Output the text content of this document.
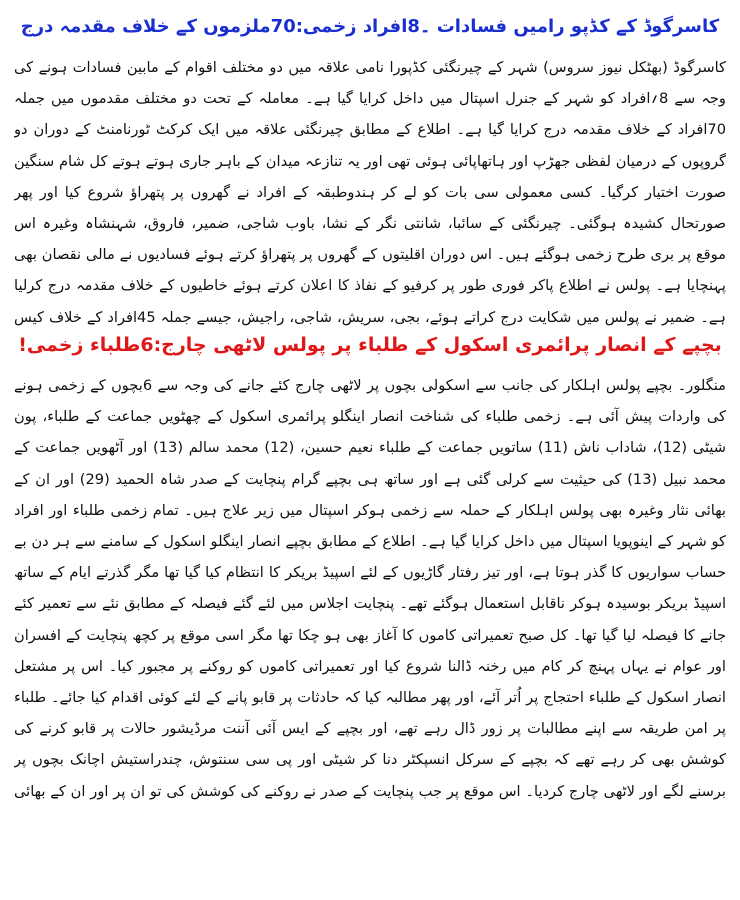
کاسرگوڈ کے کڈپو رامیں فسادات ۔8افراد زخمی:70ملزموں کے خلاف مقدمہ درج

کاسرگوڈ (بھٹکل نیوز سروس) شہر کے چیرنگئی کڈپورا نامی علاقہ میں دو مختلف اقوام کے مابین فسادات ہونے کی وجہ سے 8؍افراد کو شہر کے جنرل اسپتال میں داخل کرایا گیا ہے۔ معاملہ کے تحت دو مختلف مقدموں میں جملہ 70افراد کے خلاف مقدمہ درج کرایا گیا ہے۔ اطلاع کے مطابق چیرنگئی علاقہ میں ایک کرکٹ ٹورنامنٹ کے دوران دو گروپوں کے درمیان لفظی جھڑپ اور ہاتھاپائی ہوئی تھی اور یہ تنازعہ میدان کے باہر جاری ہوتے ہوتے کل شام سنگین صورت اختیار کرگیا۔ کسی معمولی سی بات کو لے کر ہندوطبقہ کے افراد نے گھروں پر پتھراؤ شروع کیا اور پھر صورتحال کشیدہ ہوگئی۔ چیرنگئی کے سائبا، شانتی نگر کے نشا، باوب شاجی، ضمیر، فاروق، شہنشاہ وغیرہ اس موقع پر بری طرح زخمی ہوگئے ہیں۔ اس دوران اقلیتوں کے گھروں پر پتھراؤ کرتے ہوئے فسادیوں نے مالی نقصان بھی پہنچایا ہے۔ پولس نے اطلاع پاکر فوری طور پر کرفیو کے نفاذ کا اعلان کرتے ہوئے خاطیوں کے خلاف مقدمہ درج کرلیا ہے۔ ضمیر نے پولس میں شکایت درج کراتے ہوئے، بجی، سریش، شاجی، راجیش، جیسے جملہ 45افراد کے خلاف کیس

بچپے کے انصار پرائمری اسکول کے طلباء پر پولس لاٹھی چارج:6طلباء زخمی!

منگلور۔ بچپے پولس اہلکار کی جانب سے اسکولی بچوں پر لاٹھی چارج کئے جانے کی وجہ سے 6بچوں کے زخمی ہونے کی واردات پیش آئی ہے۔ زخمی طلباء کی شناخت انصار اینگلو پرائمری اسکول کے چھٹویں جماعت کے طلباء، پون شیٹی (12)، شاداب ناش (11) ساتویں جماعت کے طلباء نعیم حسین، (12) محمد سالم (13) اور آٹھویں جماعت کے محمد نبیل (13) کی حیثیت سے کرلی گئی ہے اور ساتھ ہی بچپے گرام پنچایت کے صدر شاہ الحمید (29) اور ان کے بھائی نثار وغیرہ بھی پولس اہلکار کے حملہ سے زخمی ہوکر اسپتال میں زیر علاج ہیں۔ تمام زخمی طلباء اور افراد کو شہر کے اینوپویا اسپتال میں داخل کرایا گیا ہے۔ اطلاع کے مطابق بچپے انصار اینگلو اسکول کے سامنے سے ہر دن بے حساب سواریوں کا گذر ہوتا ہے، اور تیز رفتار گاڑیوں کے لئے اسپیڈ بریکر کا انتظام کیا گیا تھا مگر گذرتے ایام کے ساتھ اسپیڈ بریکر بوسیدہ ہوکر ناقابل استعمال ہوگئے تھے۔ پنچایت اجلاس میں لئے گئے فیصلہ کے مطابق نئے سے تعمیر کئے جانے کا فیصلہ لیا گیا تھا۔ کل صبح تعمیراتی کاموں کا آغاز بھی ہو چکا تھا مگر اسی موقع پر کچھ پنچایت کے افسران اور عوام نے یہاں پہنچ کر کام میں رخنہ ڈالنا شروع کیا اور تعمیراتی کاموں کو روکنے پر مجبور کیا۔ اس پر مشتعل انصار اسکول کے طلباء احتجاج پر اُتر آئے، اور پھر مطالبہ کیا کہ حادثات پر قابو پانے کے لئے کوئی اقدام کیا جائے۔ طلباء پر امن طریقہ سے اپنے مطالبات پر زور ڈال رہے تھے، اور بچپے کے ایس آئی آننت مرڈیشور حالات پر قابو کرنے کی کوشش بھی کر رہے تھے کہ بچپے کے سرکل انسپکٹر دنا کر شیٹی اور پی سی سنتوش، چندراستیش اچانک بچوں پر برسنے لگے اور لاٹھی چارج کردیا۔ اس موقع پر جب پنچایت کے صدر نے روکنے کی کوشش کی تو ان پر اور ان کے بھائی
